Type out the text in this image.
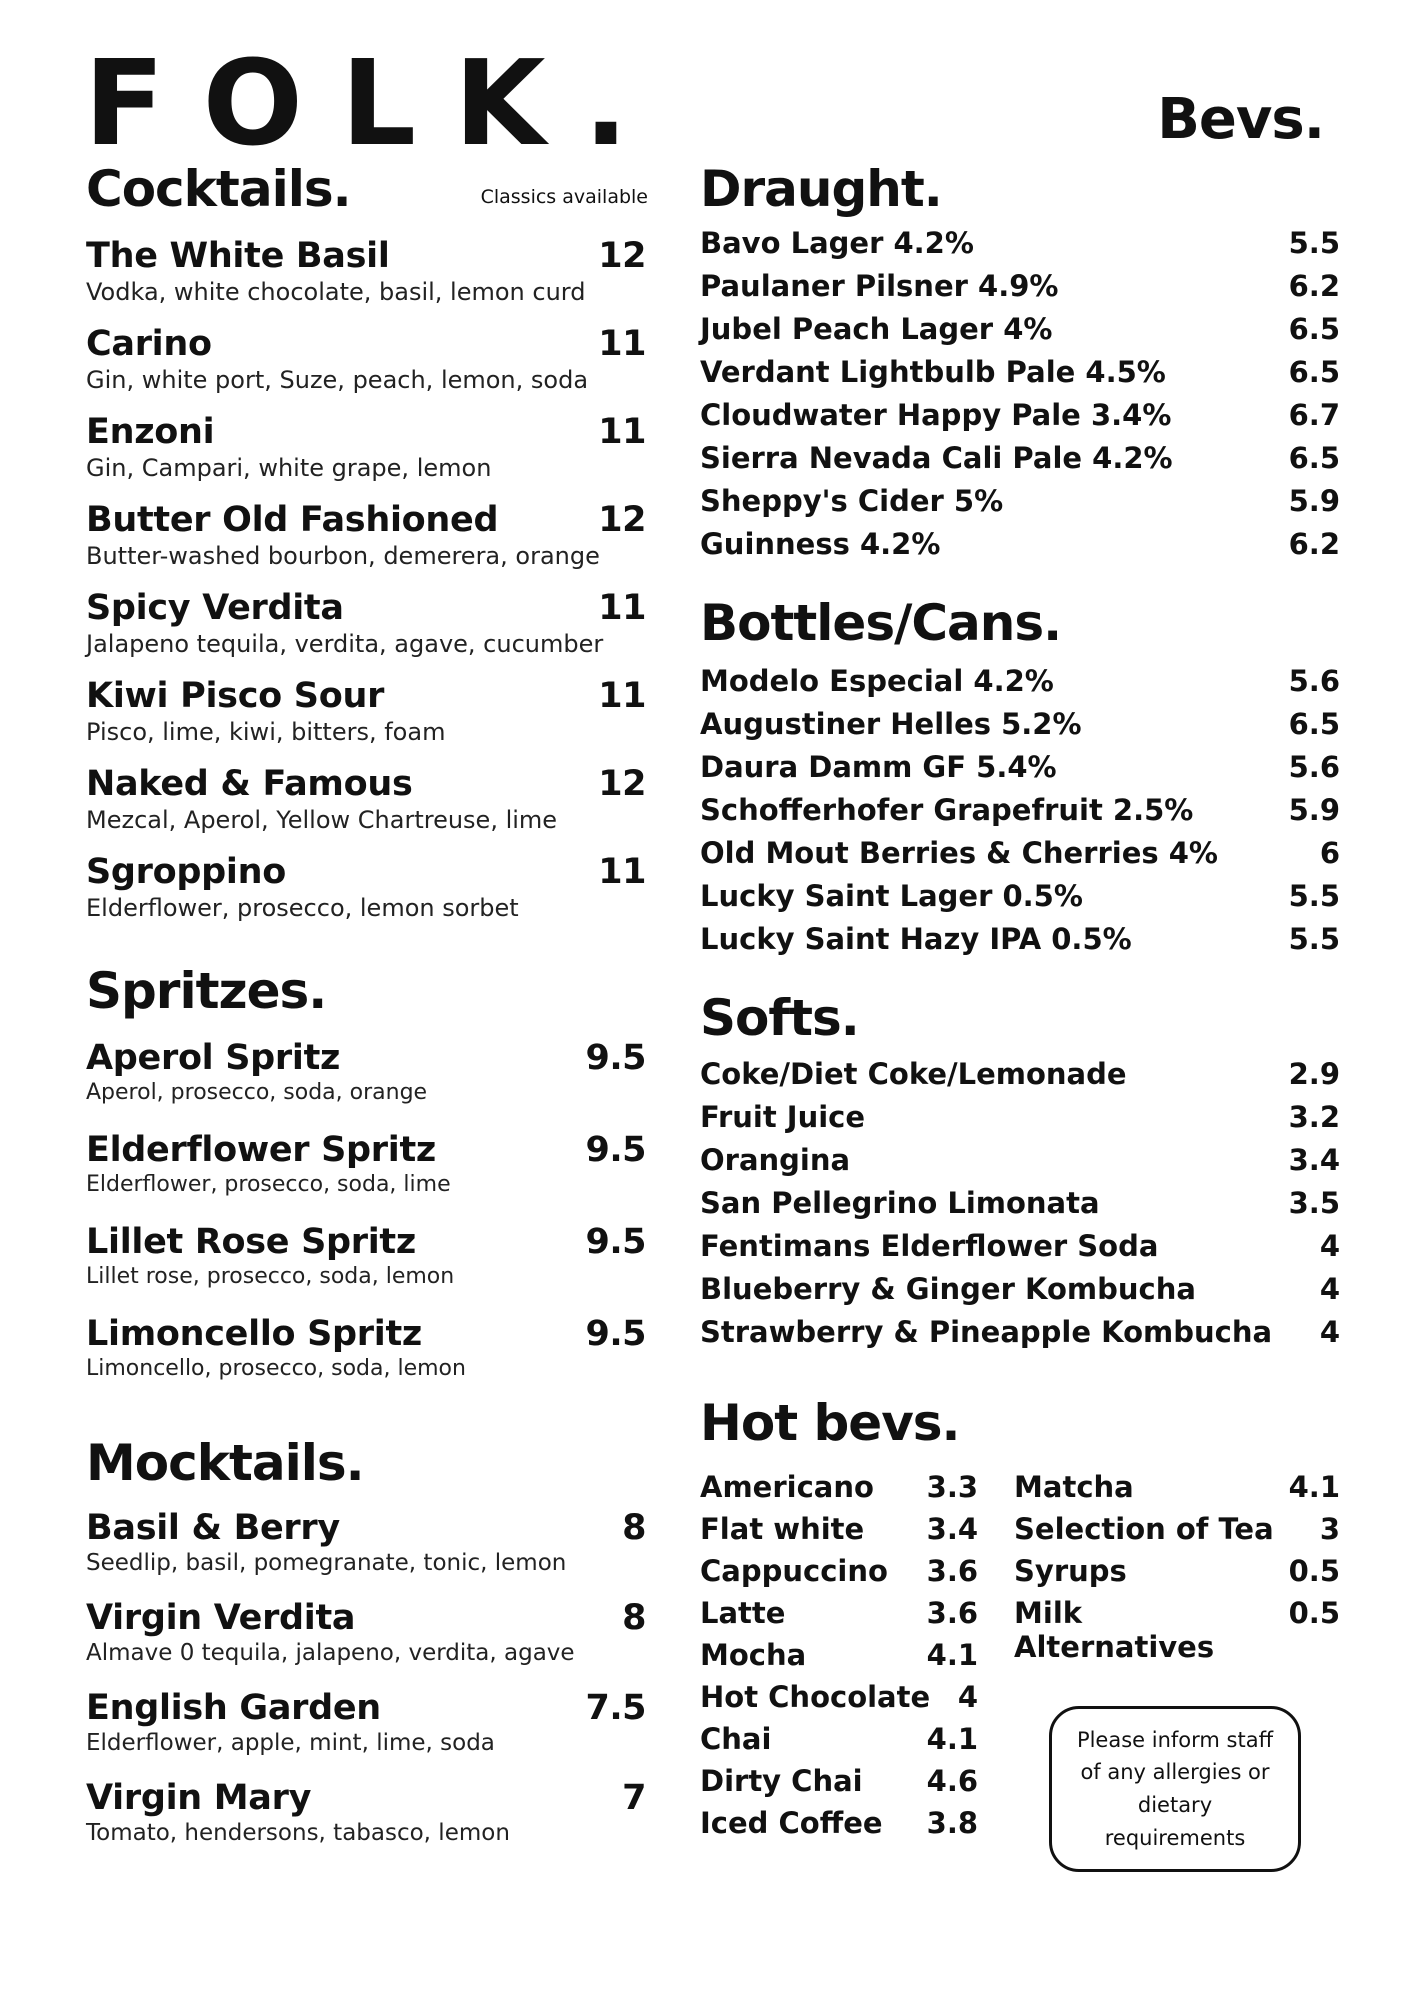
FOLK.	Bevs.
Cocktails.	Classics available
The White Basil	12
Vodka, white chocolate, basil, lemon curd
Carino	11
Gin, white port, Suze, peach, lemon, soda
Enzoni	11
Gin, Campari, white grape, lemon
Butter Old Fashioned	12
Butter-washed bourbon, demerera, orange
Spicy Verdita	11
Jalapeno tequila, verdita, agave, cucumber
Kiwi Pisco Sour	11
Pisco, lime, kiwi, bitters, foam
Naked & Famous	12
Mezcal, Aperol, Yellow Chartreuse, lime
Sgroppino	11
Elderflower, prosecco, lemon sorbet
Spritzes.
Aperol Spritz	9.5
Aperol, prosecco, soda, orange
Elderflower Spritz	9.5
Elderflower, prosecco, soda, lime
Lillet Rose Spritz	9.5
Lillet rose, prosecco, soda, lemon
Limoncello Spritz	9.5
Limoncello, prosecco, soda, lemon
Mocktails.
Basil & Berry	8
Seedlip, basil, pomegranate, tonic, lemon
Virgin Verdita	8
Almave 0 tequila, jalapeno, verdita, agave
English Garden	7.5
Elderflower, apple, mint, lime, soda
Virgin Mary	7
Tomato, hendersons, tabasco, lemon
Draught.
Bavo Lager 4.2%	5.5
Paulaner Pilsner 4.9%	6.2
Jubel Peach Lager 4%	6.5
Verdant Lightbulb Pale 4.5%	6.5
Cloudwater Happy Pale 3.4%	6.7
Sierra Nevada Cali Pale 4.2%	6.5
Sheppy's Cider 5%	5.9
Guinness 4.2%	6.2
Bottles/Cans.
Modelo Especial 4.2%	5.6
Augustiner Helles 5.2%	6.5
Daura Damm GF 5.4%	5.6
Schofferhofer Grapefruit 2.5%	5.9
Old Mout Berries & Cherries 4%	6
Lucky Saint Lager 0.5%	5.5
Lucky Saint Hazy IPA 0.5%	5.5
Softs.
Coke/Diet Coke/Lemonade	2.9
Fruit Juice	3.2
Orangina	3.4
San Pellegrino Limonata	3.5
Fentimans Elderflower Soda	4
Blueberry & Ginger Kombucha	4
Strawberry & Pineapple Kombucha 4
Hot bevs.
Americano 3.3
Flat white 3.4
Cappuccino 3.6
Latte	3.6
Mocha	4.1
Hot Chocolate 4
Chai	4.1
Dirty Chai 4.6
Iced Coffee 3.8
Matcha	4.1
Selection of Tea 3
Syrups	0.5
Milk Alternatives
0.5
Please inform staff of any allergies or dietary requirements
